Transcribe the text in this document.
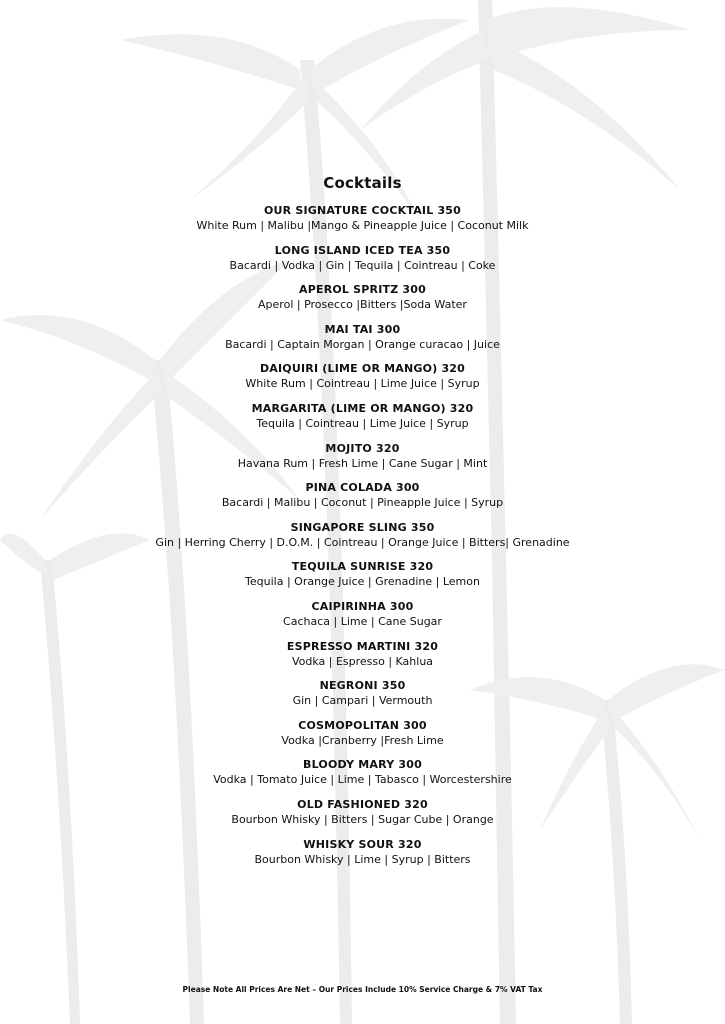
Cocktails
OUR SIGNATURE COCKTAIL 350
White Rum | Malibu |Mango & Pineapple Juice | Coconut Milk
LONG ISLAND ICED TEA 350
Bacardi | Vodka | Gin | Tequila | Cointreau | Coke
APEROL SPRITZ 300
Aperol | Prosecco |Bitters |Soda Water
MAI TAI 300
Bacardi | Captain Morgan | Orange curacao | Juice
DAIQUIRI (LIME OR MANGO) 320
White Rum | Cointreau | Lime Juice | Syrup
MARGARITA (LIME OR MANGO) 320
Tequila | Cointreau | Lime Juice | Syrup
MOJITO 320
Havana Rum | Fresh Lime | Cane Sugar | Mint
PINA COLADA 300
Bacardi | Malibu | Coconut | Pineapple Juice | Syrup
SINGAPORE SLING 350
Gin | Herring Cherry | D.O.M. | Cointreau | Orange Juice | Bitters| Grenadine
TEQUILA SUNRISE 320
Tequila | Orange Juice | Grenadine | Lemon
CAIPIRINHA 300
Cachaca | Lime | Cane Sugar
ESPRESSO MARTINI 320
Vodka | Espresso | Kahlua
NEGRONI 350
Gin | Campari | Vermouth
COSMOPOLITAN 300
Vodka |Cranberry |Fresh Lime
BLOODY MARY 300
Vodka | Tomato Juice | Lime | Tabasco | Worcestershire
OLD FASHIONED 320
Bourbon Whisky | Bitters | Sugar Cube | Orange
WHISKY SOUR 320
Bourbon Whisky | Lime | Syrup | Bitters
Please Note All Prices Are Net – Our Prices Include 10% Service Charge & 7% VAT Tax
